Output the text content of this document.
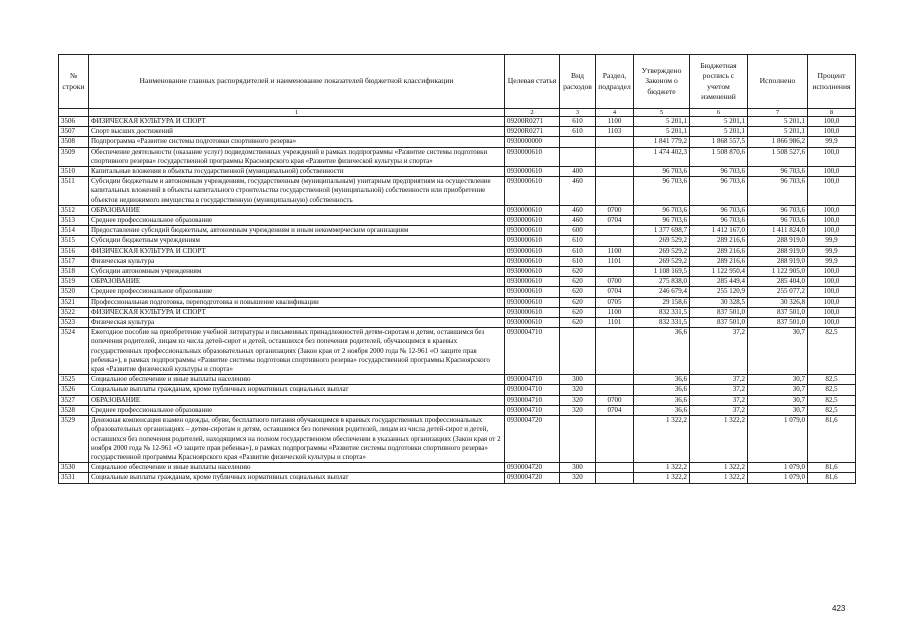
№ строки	Наименование главных распорядителей и наименование показателей бюджетной классификации	Целевая статья	Вид расходов	Раздел, подраздел	Утверждено Законом о бюджете	Бюджетная роспись с учетом изменений	Исполнено	Процент исполнения
	1	2	3	4	5	6	7	8
3506	ФИЗИЧЕСКАЯ КУЛЬТУРА И СПОРТ	09200R0271	610	1100	5 201,1	5 201,1	5 201,1	100,0
3507	Спорт высших достижений	09200R0271	610	1103	5 201,1	5 201,1	5 201,1	100,0
3508	Подпрограмма «Развитие системы подготовки спортивного резерва»	0930000000			1 841 779,2	1 868 557,5	1 866 986,2	99,9
3509	Обеспечение деятельности (оказание услуг) подведомственных учреждений в рамках подпрограммы «Развитие системы подготовки спортивного резерва» государственной программы Красноярского края «Развитие физической культуры и спорта»	0930000610			1 474 402,3	1 508 870,6	1 508 527,6	100,0
3510	Капитальные вложения в объекты государственной (муниципальной) собственности	0930000610	400		96 703,6	96 703,6	96 703,6	100,0
3511	Субсидии бюджетным и автономным учреждениям, государственным (муниципальным) унитарным предприятиям на осуществление капитальных вложений в объекты капитального строительства государственной (муниципальной) собственности или приобретение объектов недвижимого имущества в государственную (муниципальную) собственность	0930000610	460		96 703,6	96 703,6	96 703,6	100,0
3512	ОБРАЗОВАНИЕ	0930000610	460	0700	96 703,6	96 703,6	96 703,6	100,0
3513	Среднее профессиональное образование	0930000610	460	0704	96 703,6	96 703,6	96 703,6	100,0
3514	Предоставление субсидий бюджетным, автономным учреждениям и иным некоммерческим организациям	0930000610	600		1 377 698,7	1 412 167,0	1 411 824,0	100,0
3515	Субсидии бюджетным учреждениям	0930000610	610		269 529,2	289 216,6	288 919,0	99,9
3516	ФИЗИЧЕСКАЯ КУЛЬТУРА И СПОРТ	0930000610	610	1100	269 529,2	289 216,6	288 919,0	99,9
3517	Физическая культура	0930000610	610	1101	269 529,2	289 216,6	288 919,0	99,9
3518	Субсидии автономным учреждениям	0930000610	620		1 108 169,5	1 122 950,4	1 122 905,0	100,0
3519	ОБРАЗОВАНИЕ	0930000610	620	0700	275 838,0	285 449,4	285 404,0	100,0
3520	Среднее профессиональное образование	0930000610	620	0704	246 679,4	255 120,9	255 077,2	100,0
3521	Профессиональная подготовка, переподготовка и повышение квалификации	0930000610	620	0705	29 158,6	30 328,5	30 326,8	100,0
3522	ФИЗИЧЕСКАЯ КУЛЬТУРА И СПОРТ	0930000610	620	1100	832 331,5	837 501,0	837 501,0	100,0
3523	Физическая культура	0930000610	620	1101	832 331,5	837 501,0	837 501,0	100,0
3524	Ежегодное пособие на приобретение учебной литературы и письменных принадлежностей детям-сиротам и детям, оставшимся без попечения родителей, лицам из числа детей-сирот и детей, оставшихся без попечения родителей, обучающимся в краевых государственных профессиональных образовательных организациях (Закон края от 2 ноября 2000 года № 12-961 «О защите прав ребенка»), в рамках подпрограммы «Развитие системы подготовки спортивного резерва» государственной программы Красноярского края «Развитие физической культуры и спорта»	0930004710			36,6	37,2	30,7	82,5
3525	Социальное обеспечение и иные выплаты населению	0930004710	300		36,6	37,2	30,7	82,5
3526	Социальные выплаты гражданам, кроме публичных нормативных социальных выплат	0930004710	320		36,6	37,2	30,7	82,5
3527	ОБРАЗОВАНИЕ	0930004710	320	0700	36,6	37,2	30,7	82,5
3528	Среднее профессиональное образование	0930004710	320	0704	36,6	37,2	30,7	82,5
3529	Денежная компенсация взамен одежды, обуви, бесплатного питания обучающимся в краевых государственных профессиональных образовательных организациях – детям-сиротам и детям, оставшимся без попечения родителей, лицам из числа детей-сирот и детей, оставшихся без попечения родителей, находящимся на полном государственном обеспечении в указанных организациях (Закон края от 2 ноября 2000 года № 12-961 «О защите прав ребенка»), в рамках подпрограммы «Развитие системы подготовки спортивного резерва» государственной программы Красноярского края «Развитие физической культуры и спорта»	0930004720			1 322,2	1 322,2	1 079,0	81,6
3530	Социальное обеспечение и иные выплаты населению	0930004720	300		1 322,2	1 322,2	1 079,0	81,6
3531	Социальные выплаты гражданам, кроме публичных нормативных социальных выплат	0930004720	320		1 322,2	1 322,2	1 079,0	81,6
423
